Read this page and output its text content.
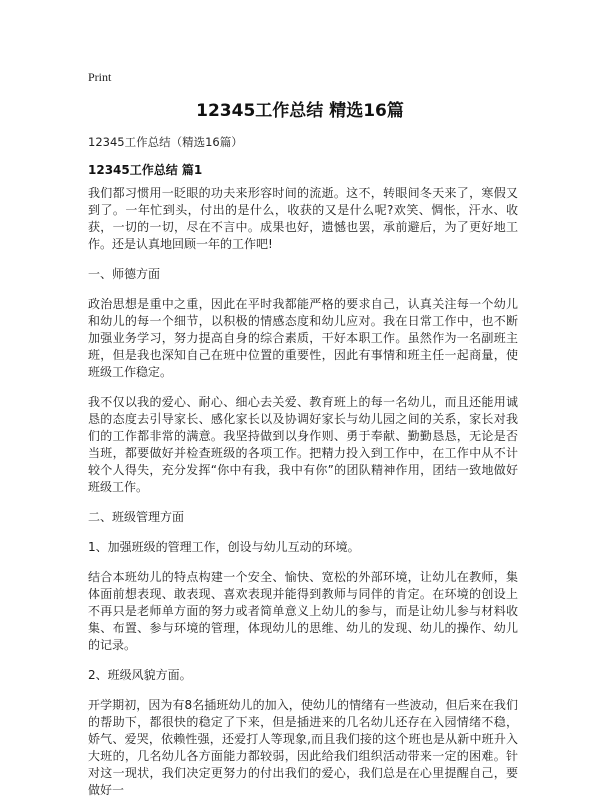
Print
12345工作总结 精选16篇
12345工作总结（精选16篇）
12345工作总结 篇1

我们都习惯用一眨眼的功夫来形容时间的流逝。这不，转眼间冬天来了，寒假又到了。一年忙到头，付出的是什么，收获的又是什么呢?欢笑、惆怅，汗水、收获，一切的一切，尽在不言中。成果也好，遗憾也罢，承前避后，为了更好地工作。还是认真地回顾一年的工作吧!

一、师德方面

政治思想是重中之重，因此在平时我都能严格的要求自己，认真关注每一个幼儿和幼儿的每一个细节，以积极的情感态度和幼儿应对。我在日常工作中，也不断加强业务学习，努力提高自身的综合素质，干好本职工作。虽然作为一名副班主班，但是我也深知自己在班中位置的重要性，因此有事情和班主任一起商量，使班级工作稳定。

我不仅以我的爱心、耐心、细心去关爱、教育班上的每一名幼儿，而且还能用诚恳的态度去引导家长、感化家长以及协调好家长与幼儿园之间的关系，家长对我们的工作都非常的满意。我坚持做到以身作则、勇于奉献、勤勤恳恳，无论是否当班，都要做好并检查班级的各项工作。把精力投入到工作中，在工作中从不计较个人得失，充分发挥“你中有我，我中有你”的团队精神作用，团结一致地做好班级工作。

二、班级管理方面
1、加强班级的管理工作，创设与幼儿互动的环境。

结合本班幼儿的特点构建一个安全、愉快、宽松的外部环境，让幼儿在教师，集体面前想表现、敢表现、喜欢表现并能得到教师与同伴的肯定。在环境的创设上不再只是老师单方面的努力或者简单意义上幼儿的参与，而是让幼儿参与材料收集、布置、参与环境的管理，体现幼儿的思维、幼儿的发现、幼儿的操作、幼儿的记录。

2、班级风貌方面。

开学期初，因为有8名插班幼儿的加入，使幼儿的情绪有一些波动，但后来在我们的帮助下，都很快的稳定了下来，但是插进来的几名幼儿还存在入园情绪不稳，娇气、爱哭，依赖性强，还爱打人等现象,而且我们接的这个班也是从新中班升入大班的，几名幼儿各方面能力都较弱，因此给我们组织活动带来一定的困难。针对这一现状，我们决定更努力的付出我们的爱心，我们总是在心里提醒自己，要做好一
